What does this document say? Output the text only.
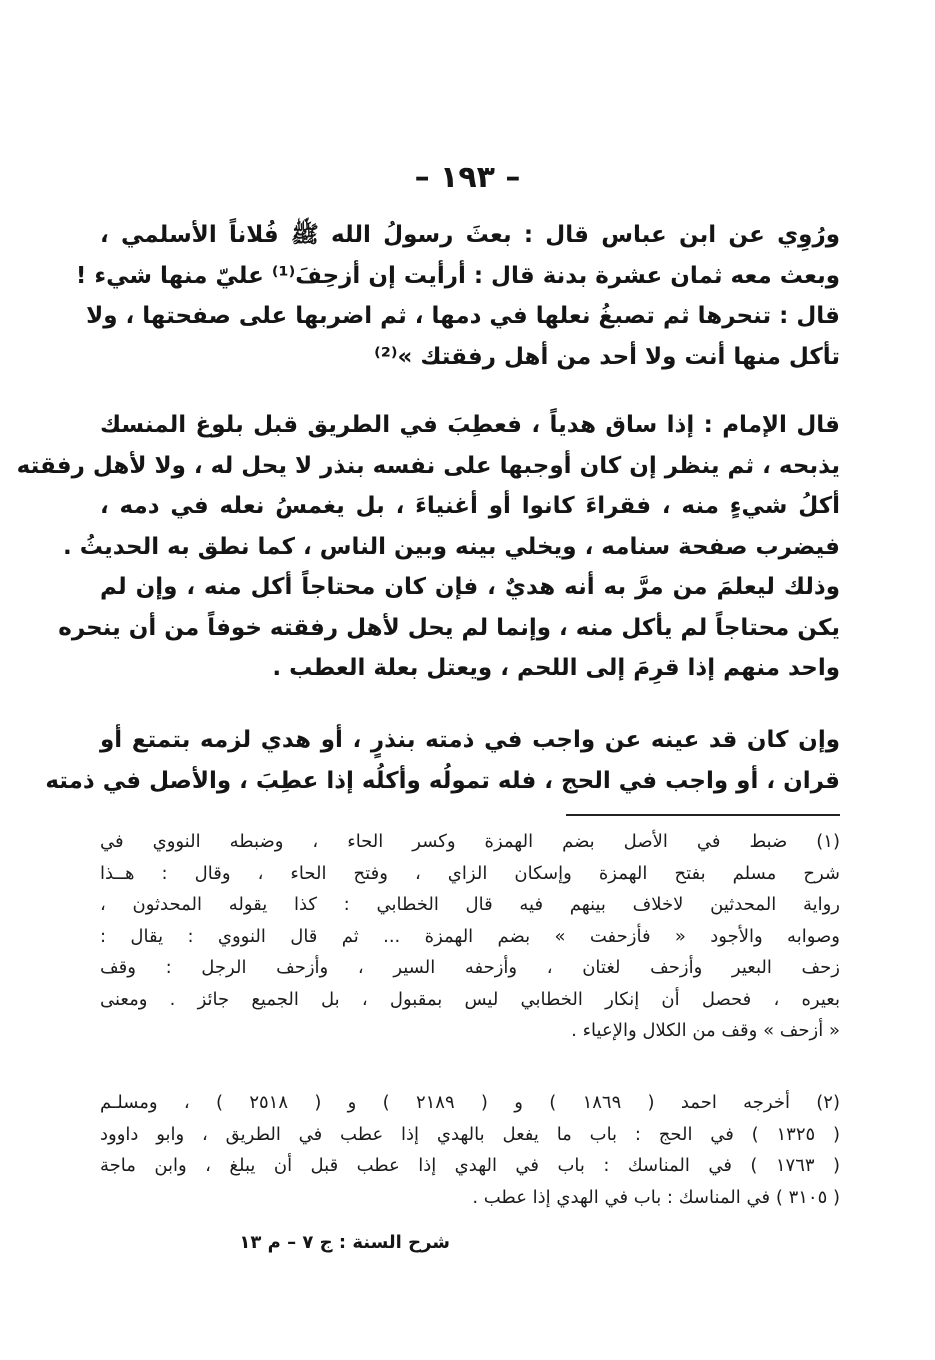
– ١٩٣ –
ورُوِي عن ابن عباس قال : بعثَ رسولُ الله ﷺ فُلاناً الأسلمي ،
وبعث معه ثمان عشرة بدنة قال : أرأيت إن أزحِفَ⁽¹⁾ عليّ منها شيء !
قال : تنحرها ثم تصبغُ نعلها في دمها ، ثم اضربها على صفحتها ، ولا
تأكل منها أنت ولا أحد من أهل رفقتك »⁽²⁾
قال الإمام : إذا ساق هدياً ، فعطِبَ في الطريق قبل بلوغ المنسك
يذبحه ، ثم ينظر إن كان أوجبها على نفسه بنذر لا يحل له ، ولا لأهل رفقته
أكلُ شيءٍ منه ، فقراءَ كانوا أو أغنياءَ ، بل يغمسُ نعله في دمه ،
فيضرب صفحة سنامه ، ويخلي بينه وبين الناس ، كما نطق به الحديثُ .
وذلك ليعلمَ من مرَّ به أنه هديٌ ، فإن كان محتاجاً أكل منه ، وإن لم
يكن محتاجاً لم يأكل منه ، وإنما لم يحل لأهل رفقته خوفاً من أن ينحره
واحد منهم إذا قرِمَ إلى اللحم ، ويعتل بعلة العطب .
وإن كان قد عينه عن واجب في ذمته بنذرٍ ، أو هدي لزمه بتمتع أو
قران ، أو واجب في الحج ، فله تمولُه وأكلُه إذا عطِبَ ، والأصل في ذمته
(١) ضبط في الأصل بضم الهمزة وكسر الحاء ، وضبطه النووي في
شرح مسلم بفتح الهمزة وإسكان الزاي ، وفتح الحاء ، وقال : هــذا
رواية المحدثين لاخلاف بينهم فيه قال الخطابي : كذا يقوله المحدثون ،
وصوابه والأجود « فأزحفت » بضم الهمزة ... ثم قال النووي : يقال :
زحف البعير وأزحف لغتان ، وأزحفه السير ، وأزحف الرجل : وقف
بعيره ، فحصل أن إنكار الخطابي ليس بمقبول ، بل الجميع جائز . ومعنى
« أزحف » وقف من الكلال والإعياء .
(٢) أخرجه احمد ( ١٨٦٩ ) و ( ٢١٨٩ ) و ( ٢٥١٨ ) ، ومسلـم
( ١٣٢٥ ) في الحج : باب ما يفعل بالهدي إذا عطب في الطريق ، وابو داوود
( ١٧٦٣ ) في المناسك : باب في الهدي إذا عطب قبل أن يبلغ ، وابن ماجة
( ٣١٠٥ ) في المناسك : باب في الهدي إذا عطب .
شرح السنة : ج ٧ – م ١٣
